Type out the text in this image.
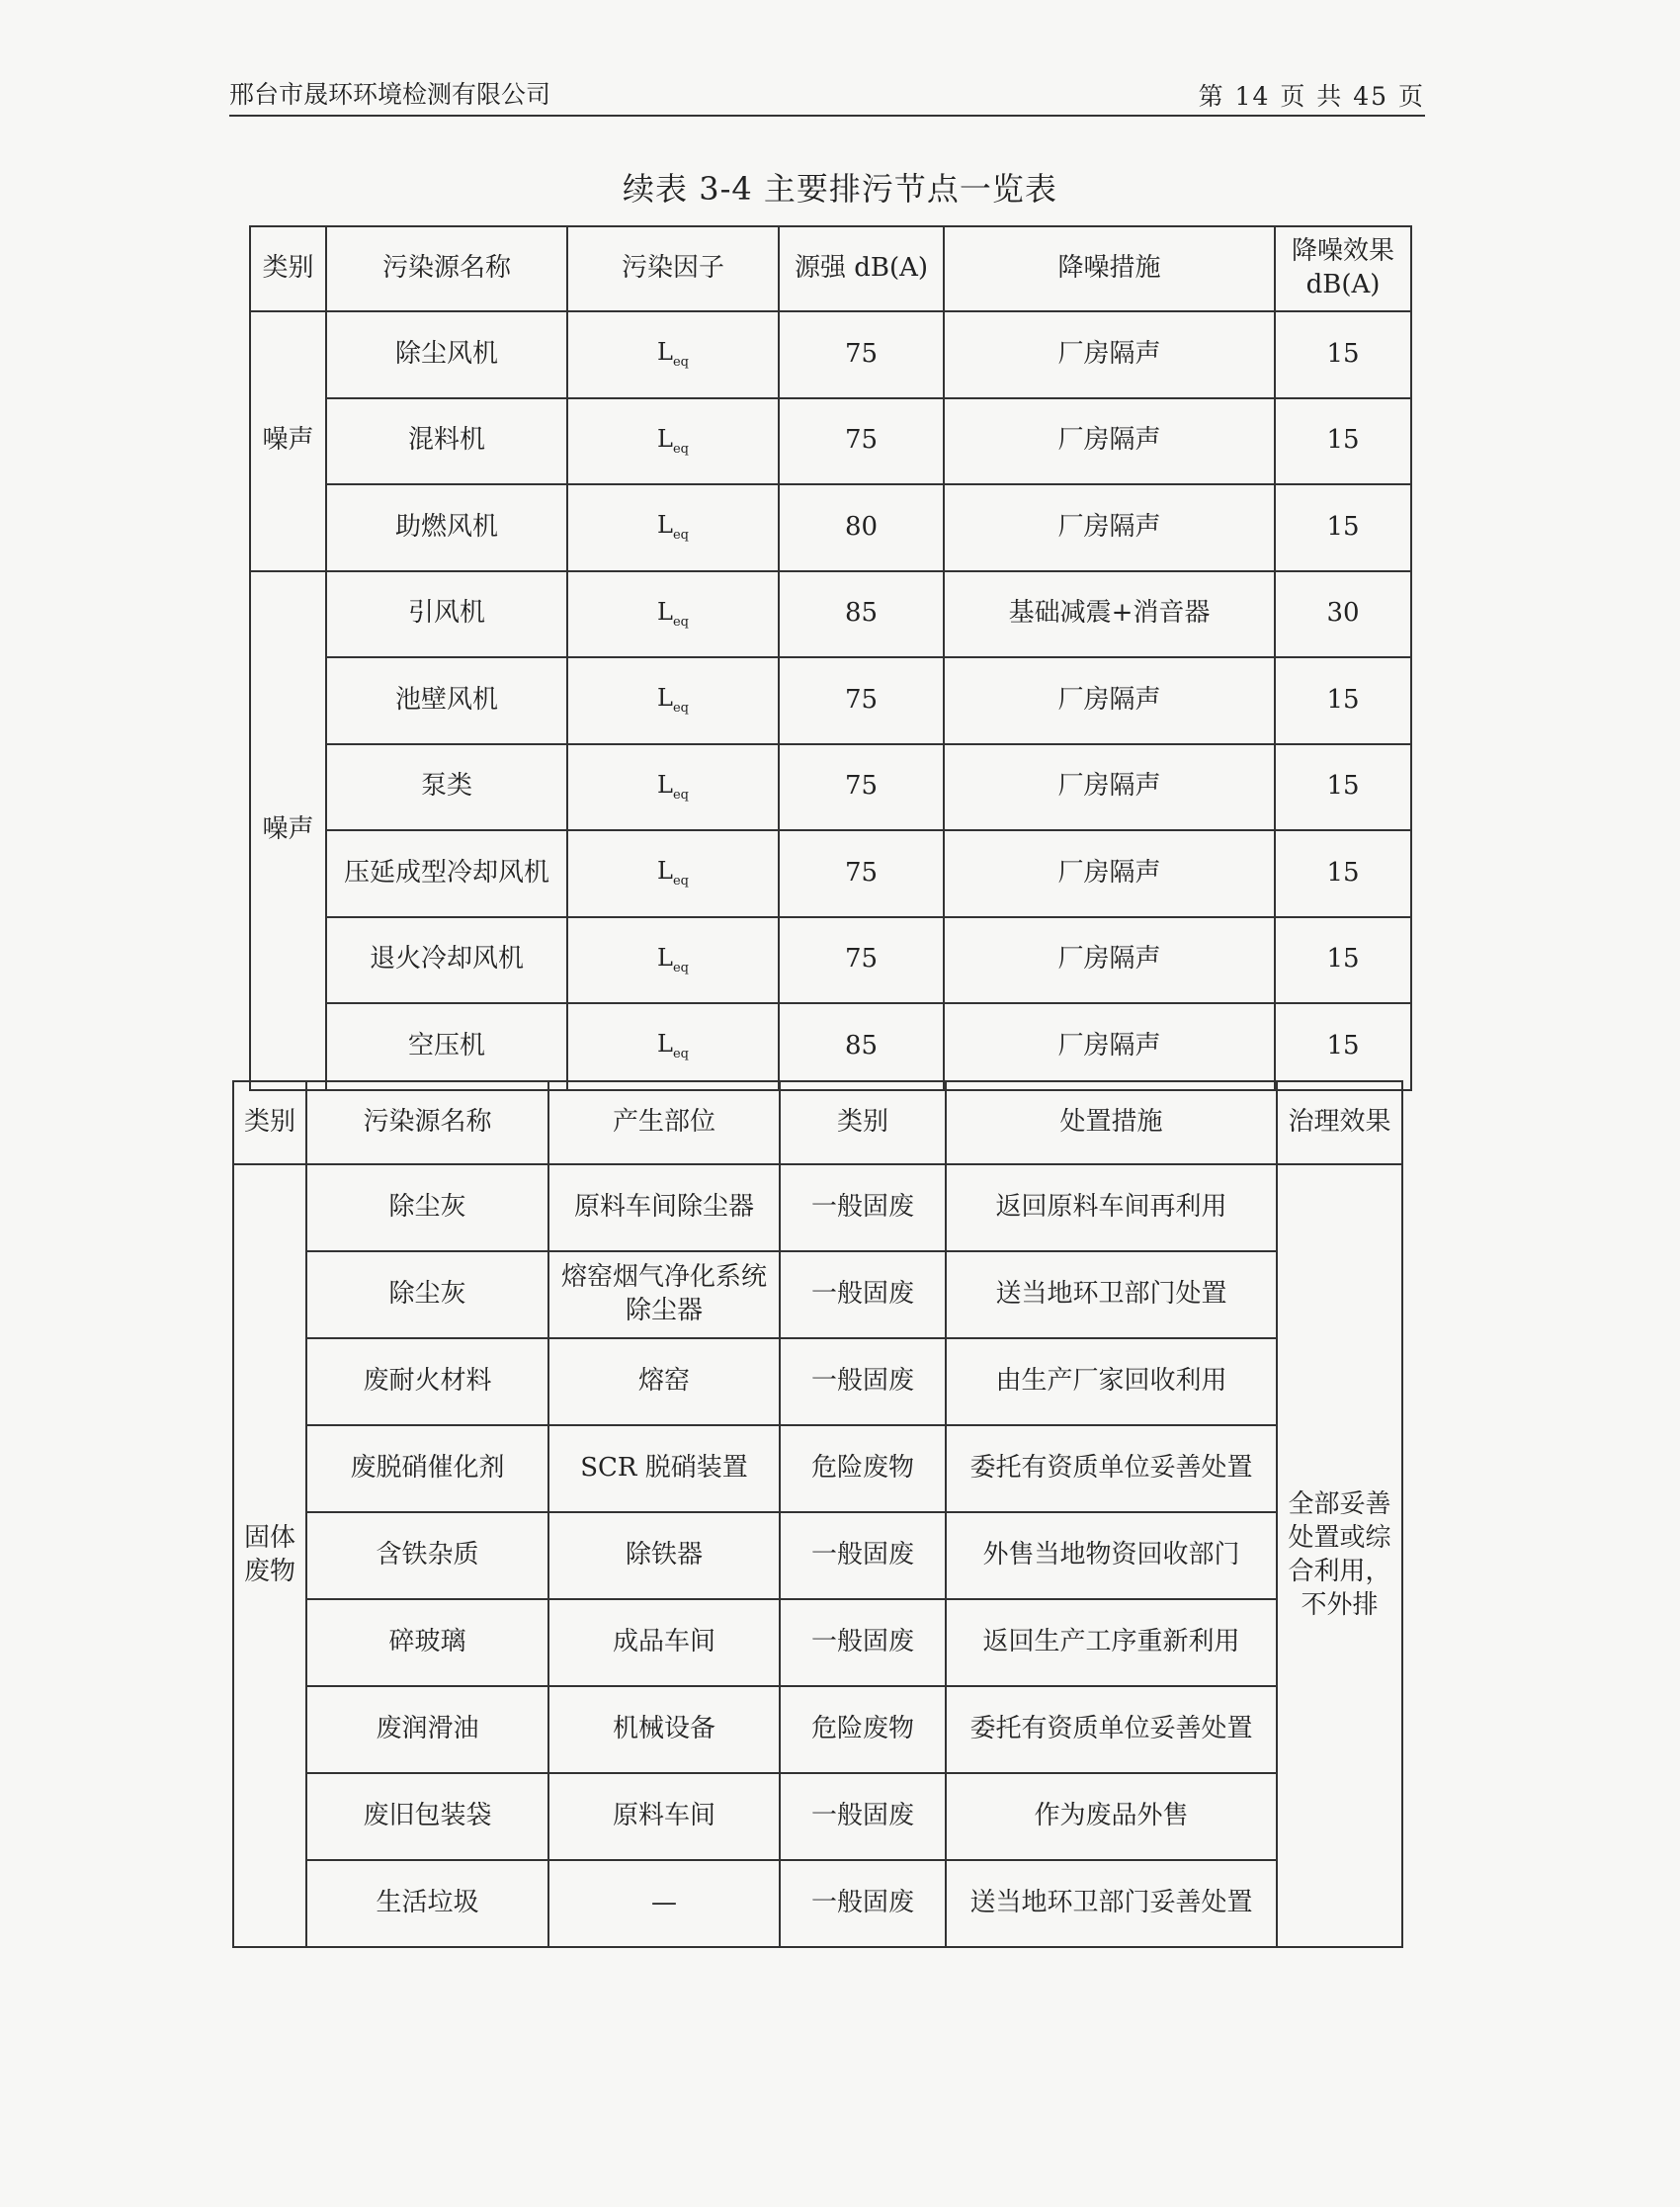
邢台市晟环环境检测有限公司	第 14 页 共 45 页
续表 3-4 主要排污节点一览表
类别	污染源名称	污染因子	源强 dB(A)	降噪措施	降噪效果 dB(A)
噪声	除尘风机	$L_{eq}$	75	厂房隔声	15
	混料机	$L_{eq}$	75	厂房隔声	15
	助燃风机	$L_{eq}$	80	厂房隔声	15
噪声	引风机	$L_{eq}$	85	基础减震+消音器	30
	池壁风机	$L_{eq}$	75	厂房隔声	15
	泵类	$L_{eq}$	75	厂房隔声	15
	压延成型冷却风机	$L_{eq}$	75	厂房隔声	15
	退火冷却风机	$L_{eq}$	75	厂房隔声	15
	空压机	$L_{eq}$	85	厂房隔声	15
类别	污染源名称	产生部位	类别	处置措施	治理效果
固体废物	除尘灰	原料车间除尘器	一般固废	返回原料车间再利用	全部妥善处置或综合利用，不外排
	除尘灰	熔窑烟气净化系统除尘器	一般固废	送当地环卫部门处置	
	废耐火材料	熔窑	一般固废	由生产厂家回收利用	
	废脱硝催化剂	SCR 脱硝装置	危险废物	委托有资质单位妥善处置	
	含铁杂质	除铁器	一般固废	外售当地物资回收部门	
	碎玻璃	成品车间	一般固废	返回生产工序重新利用	
	废润滑油	机械设备	危险废物	委托有资质单位妥善处置	
	废旧包装袋	原料车间	一般固废	作为废品外售	
	生活垃圾	—	一般固废	送当地环卫部门妥善处置	
